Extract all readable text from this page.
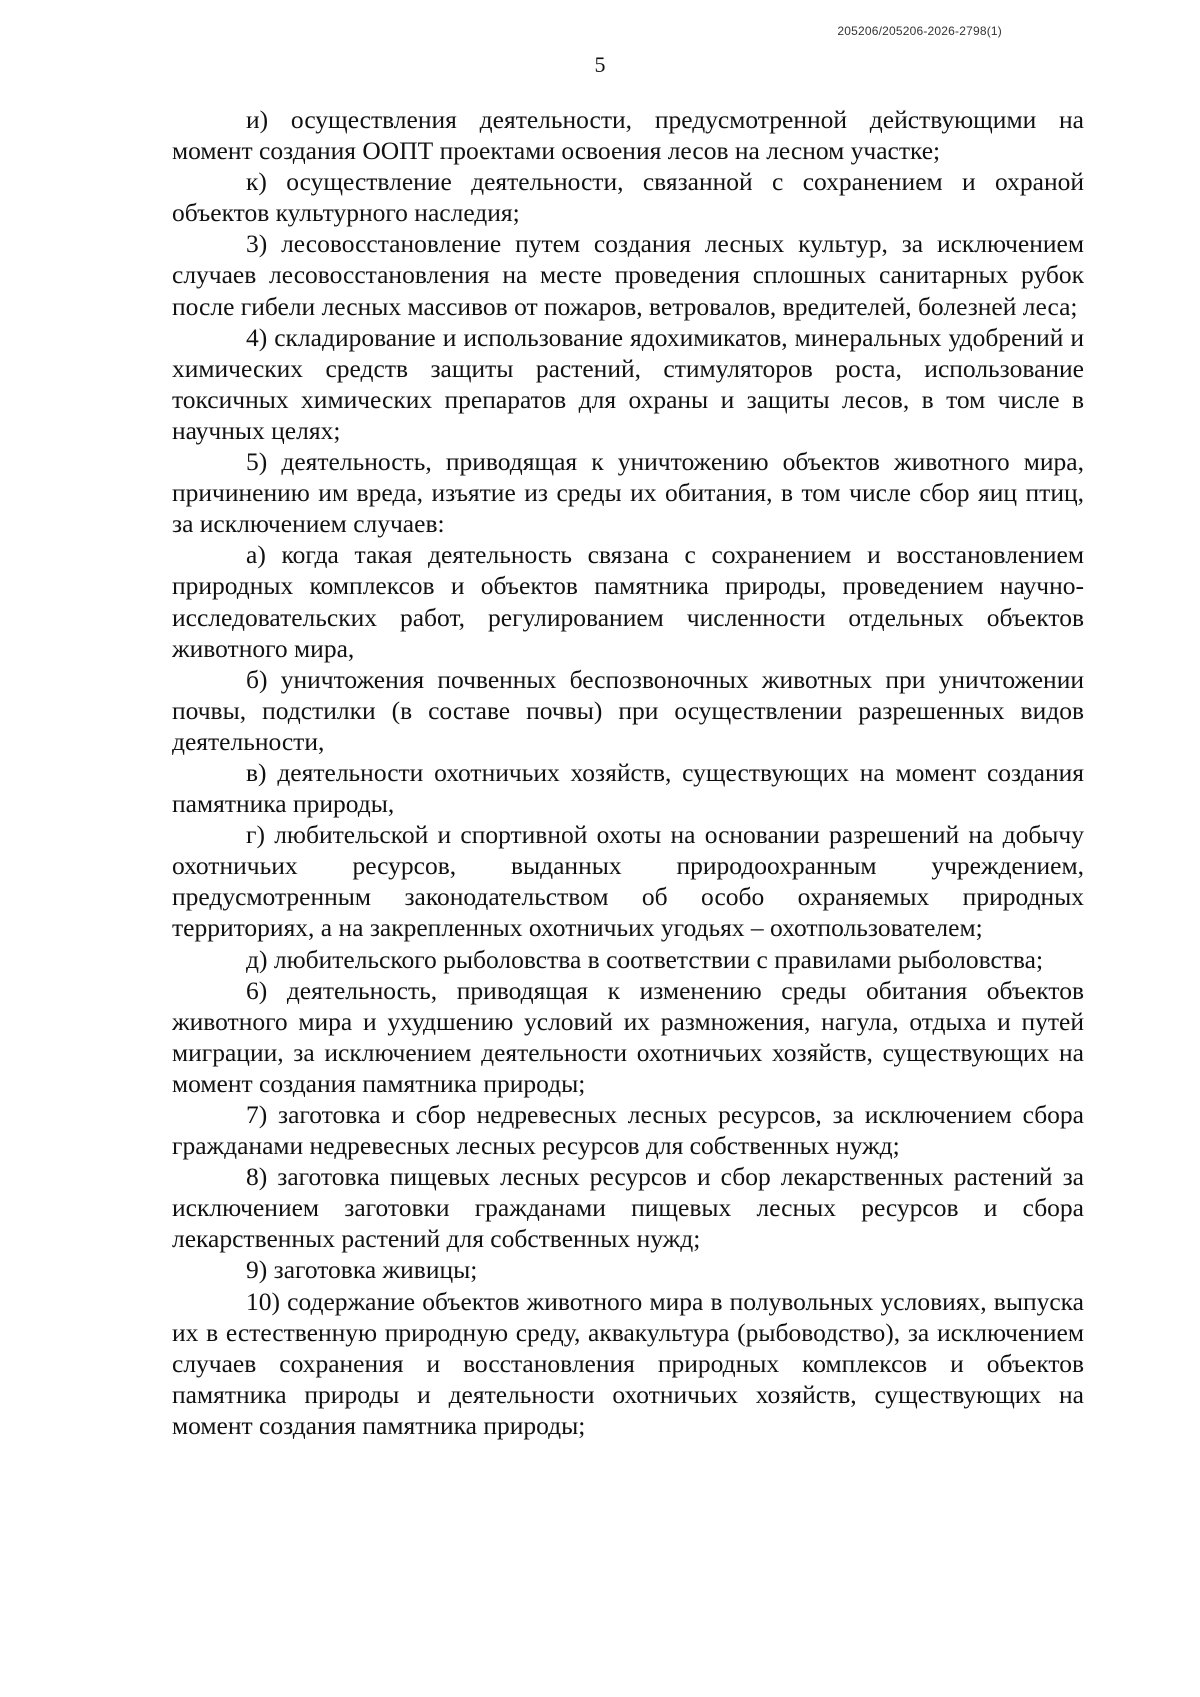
205206/205206-2026-2798(1)
5

и) осуществления деятельности, предусмотренной действующими на момент создания ООПТ проектами освоения лесов на лесном участке;

к) осуществление деятельности, связанной с сохранением и охраной объектов культурного наследия;

3) лесовосстановление путем создания лесных культур, за исключением случаев лесовосстановления на месте проведения сплошных санитарных рубок после гибели лесных массивов от пожаров, ветровалов, вредителей, болезней леса;

4) складирование и использование ядохимикатов, минеральных удобрений и химических средств защиты растений, стимуляторов роста, использование токсичных химических препаратов для охраны и защиты лесов, в том числе в научных целях;

5) деятельность, приводящая к уничтожению объектов животного мира, причинению им вреда, изъятие из среды их обитания, в том числе сбор яиц птиц, за исключением случаев:

а) когда такая деятельность связана с сохранением и восстановлением природных комплексов и объектов памятника природы, проведением научно-исследовательских работ, регулированием численности отдельных объектов животного мира,

б) уничтожения почвенных беспозвоночных животных при уничтожении почвы, подстилки (в составе почвы) при осуществлении разрешенных видов деятельности,

в) деятельности охотничьих хозяйств, существующих на момент создания памятника природы,

г) любительской и спортивной охоты на основании разрешений на добычу охотничьих ресурсов, выданных природоохранным учреждением, предусмотренным законодательством об особо охраняемых природных территориях, а на закрепленных охотничьих угодьях – охотпользователем;

д) любительского рыболовства в соответствии с правилами рыболовства;

6) деятельность, приводящая к изменению среды обитания объектов животного мира и ухудшению условий их размножения, нагула, отдыха и путей миграции, за исключением деятельности охотничьих хозяйств, существующих на момент создания памятника природы;

7) заготовка и сбор недревесных лесных ресурсов, за исключением сбора гражданами недревесных лесных ресурсов для собственных нужд;

8) заготовка пищевых лесных ресурсов и сбор лекарственных растений за исключением заготовки гражданами пищевых лесных ресурсов и сбора лекарственных растений для собственных нужд;

9) заготовка живицы;

10) содержание объектов животного мира в полувольных условиях, выпуска их в естественную природную среду, аквакультура (рыбоводство), за исключением случаев сохранения и восстановления природных комплексов и объектов памятника природы и деятельности охотничьих хозяйств, существующих на момент создания памятника природы;
